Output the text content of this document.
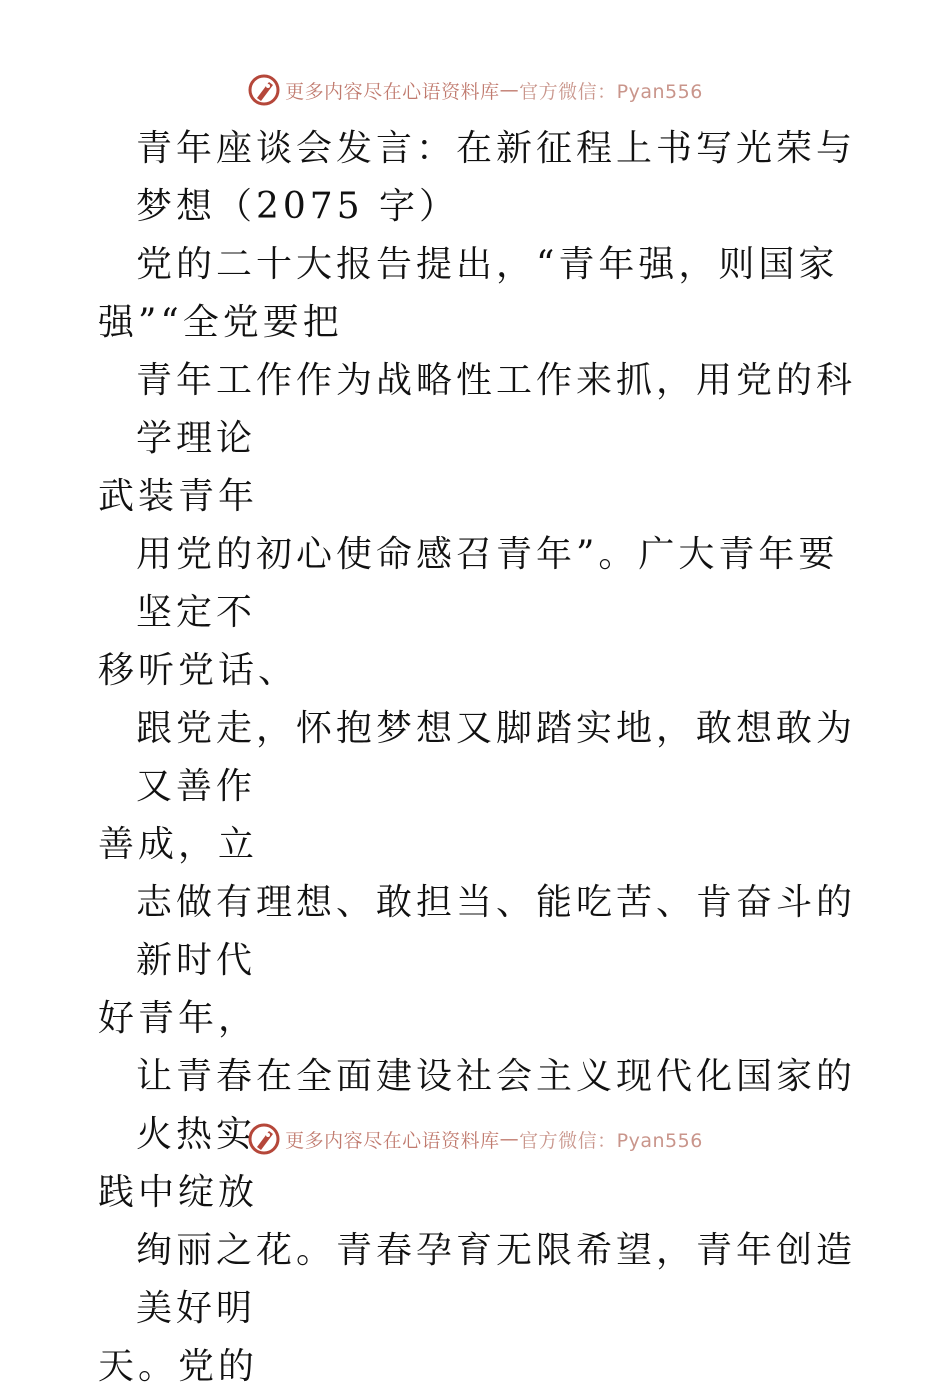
更多内容尽在心语资料库 — 官方微信：Pyan556

青年座谈会发言：在新征程上书写光荣与

梦想（2075 字）

党的二十大报告提出，“青年强，则国家

强”“全党要把

青年工作作为战略性工作来抓，用党的科学理论

武装青年

用党的初心使命感召青年”。广大青年要坚定不

移听党话、

跟党走，怀抱梦想又脚踏实地，敢想敢为又善作

善成，立

志做有理想、敢担当、能吃苦、肯奋斗的新时代

好青年，

让青春在全面建设社会主义现代化国家的火热实

践中绽放

绚丽之花。青春孕育无限希望，青年创造美好明

天。党的

更多内容尽在心语资料库 — 官方微信：Pyan556
